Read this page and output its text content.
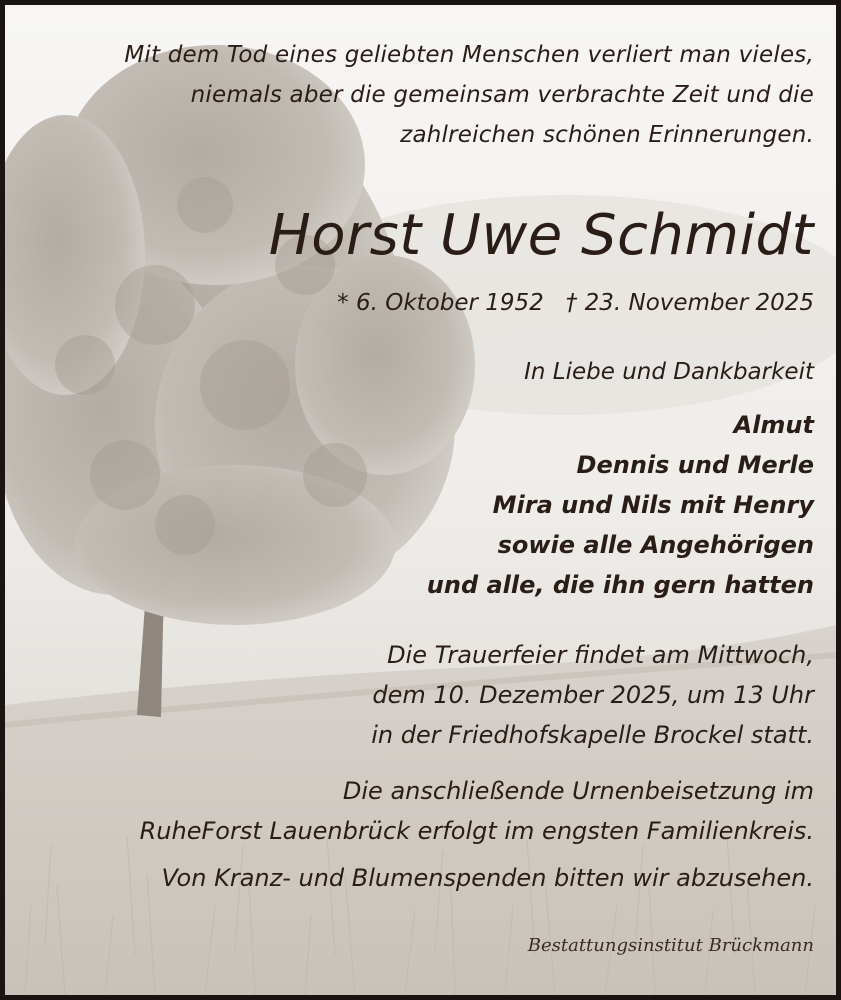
Mit dem Tod eines geliebten Menschen verliert man vieles,
niemals aber die gemeinsam verbrachte Zeit und die
zahlreichen schönen Erinnerungen.
Horst Uwe Schmidt
* 6. Oktober 1952 † 23. November 2025
In Liebe und Dankbarkeit
Almut
Dennis und Merle
Mira und Nils mit Henry
sowie alle Angehörigen
und alle, die ihn gern hatten
Die Trauerfeier findet am Mittwoch,
dem 10. Dezember 2025, um 13 Uhr
in der Friedhofskapelle Brockel statt.
Die anschließende Urnenbeisetzung im
RuheForst Lauenbrück erfolgt im engsten Familienkreis.
Von Kranz- und Blumenspenden bitten wir abzusehen.
Bestattungsinstitut Brückmann
